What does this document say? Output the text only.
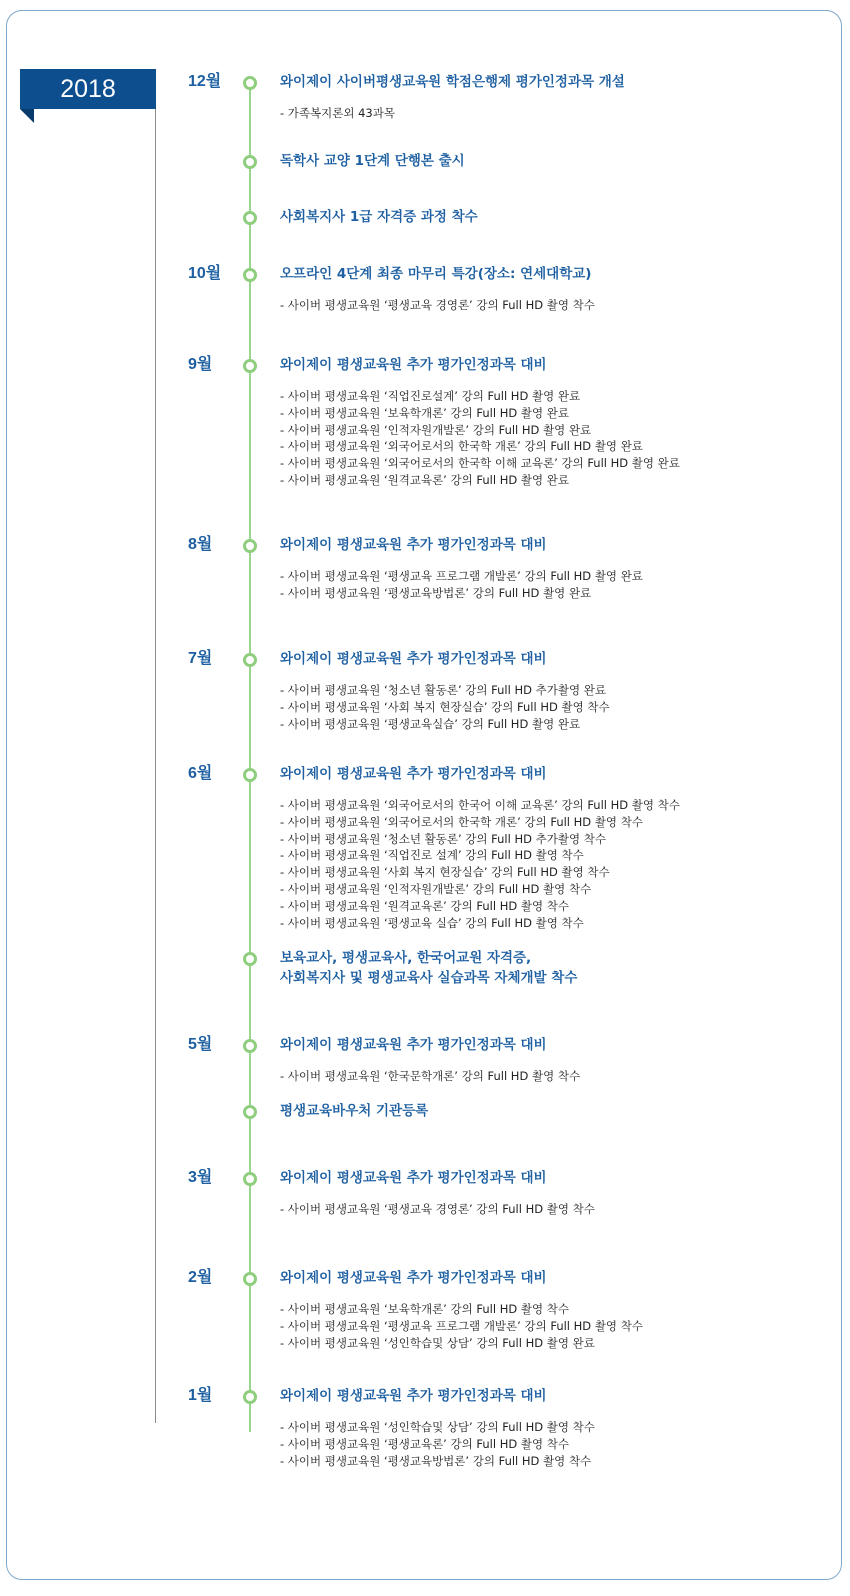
2018	12월
10월
9월
8월
7월
6월
5월
3월
2월
1월
와이제이 사이버평생교육원 학점은행제 평가인정과목 개설
- 가족복지론외 43과목
독학사 교양 1단계 단행본 출시
사회복지사 1급 자격증 과정 착수
오프라인 4단계 최종 마무리 특강(장소: 연세대학교)
- 사이버 평생교육원 ‘평생교육 경영론’ 강의 Full HD 촬영 착수
와이제이 평생교육원 추가 평가인정과목 대비
- 사이버 평생교육원 ‘직업진로설계’ 강의 Full HD 촬영 완료
- 사이버 평생교육원 ‘보육학개론’ 강의 Full HD 촬영 완료
- 사이버 평생교육원 ‘인적자원개발론’ 강의 Full HD 촬영 완료
- 사이버 평생교육원 ‘외국어로서의 한국학 개론’ 강의 Full HD 촬영 완료
- 사이버 평생교육원 ‘외국어로서의 한국학 이해 교육론’ 강의 Full HD 촬영 완료
- 사이버 평생교육원 ‘원격교육론’ 강의 Full HD 촬영 완료
와이제이 평생교육원 추가 평가인정과목 대비
- 사이버 평생교육원 ‘평생교육 프로그램 개발론’ 강의 Full HD 촬영 완료
- 사이버 평생교육원 ‘평생교육방법론’ 강의 Full HD 촬영 완료
와이제이 평생교육원 추가 평가인정과목 대비
- 사이버 평생교육원 ‘청소년 활동론’ 강의 Full HD 추가촬영 완료
- 사이버 평생교육원 ‘사회 복지 현장실습’ 강의 Full HD 촬영 착수
- 사이버 평생교육원 ‘평생교육실습’ 강의 Full HD 촬영 완료
와이제이 평생교육원 추가 평가인정과목 대비
- 사이버 평생교육원 ‘외국어로서의 한국어 이해 교육론’ 강의 Full HD 촬영 착수
- 사이버 평생교육원 ‘외국어로서의 한국학 개론’ 강의 Full HD 촬영 착수
- 사이버 평생교육원 ‘청소년 활동론’ 강의 Full HD 추가촬영 착수
- 사이버 평생교육원 ‘직업진로 설계’ 강의 Full HD 촬영 착수
- 사이버 평생교육원 ‘사회 복지 현장실습’ 강의 Full HD 촬영 착수
- 사이버 평생교육원 ‘인적자원개발론’ 강의 Full HD 촬영 착수
- 사이버 평생교육원 ‘원격교육론’ 강의 Full HD 촬영 착수
- 사이버 평생교육원 ‘평생교육 실습’ 강의 Full HD 촬영 착수
보육교사, 평생교육사, 한국어교원 자격증,
사회복지사 및 평생교육사 실습과목 자체개발 착수
와이제이 평생교육원 추가 평가인정과목 대비
- 사이버 평생교육원 ‘한국문학개론’ 강의 Full HD 촬영 착수
평생교육바우처 기관등록
와이제이 평생교육원 추가 평가인정과목 대비
- 사이버 평생교육원 ‘평생교육 경영론’ 강의 Full HD 촬영 착수
와이제이 평생교육원 추가 평가인정과목 대비
- 사이버 평생교육원 ‘보육학개론’ 강의 Full HD 촬영 착수
- 사이버 평생교육원 ‘평생교육 프로그램 개발론’ 강의 Full HD 촬영 착수
- 사이버 평생교육원 ‘성인학습및 상담’ 강의 Full HD 촬영 완료
와이제이 평생교육원 추가 평가인정과목 대비
- 사이버 평생교육원 ‘성인학습및 상담’ 강의 Full HD 촬영 착수
- 사이버 평생교육원 ‘평생교육론’ 강의 Full HD 촬영 착수
- 사이버 평생교육원 ‘평생교육방법론’ 강의 Full HD 촬영 착수
